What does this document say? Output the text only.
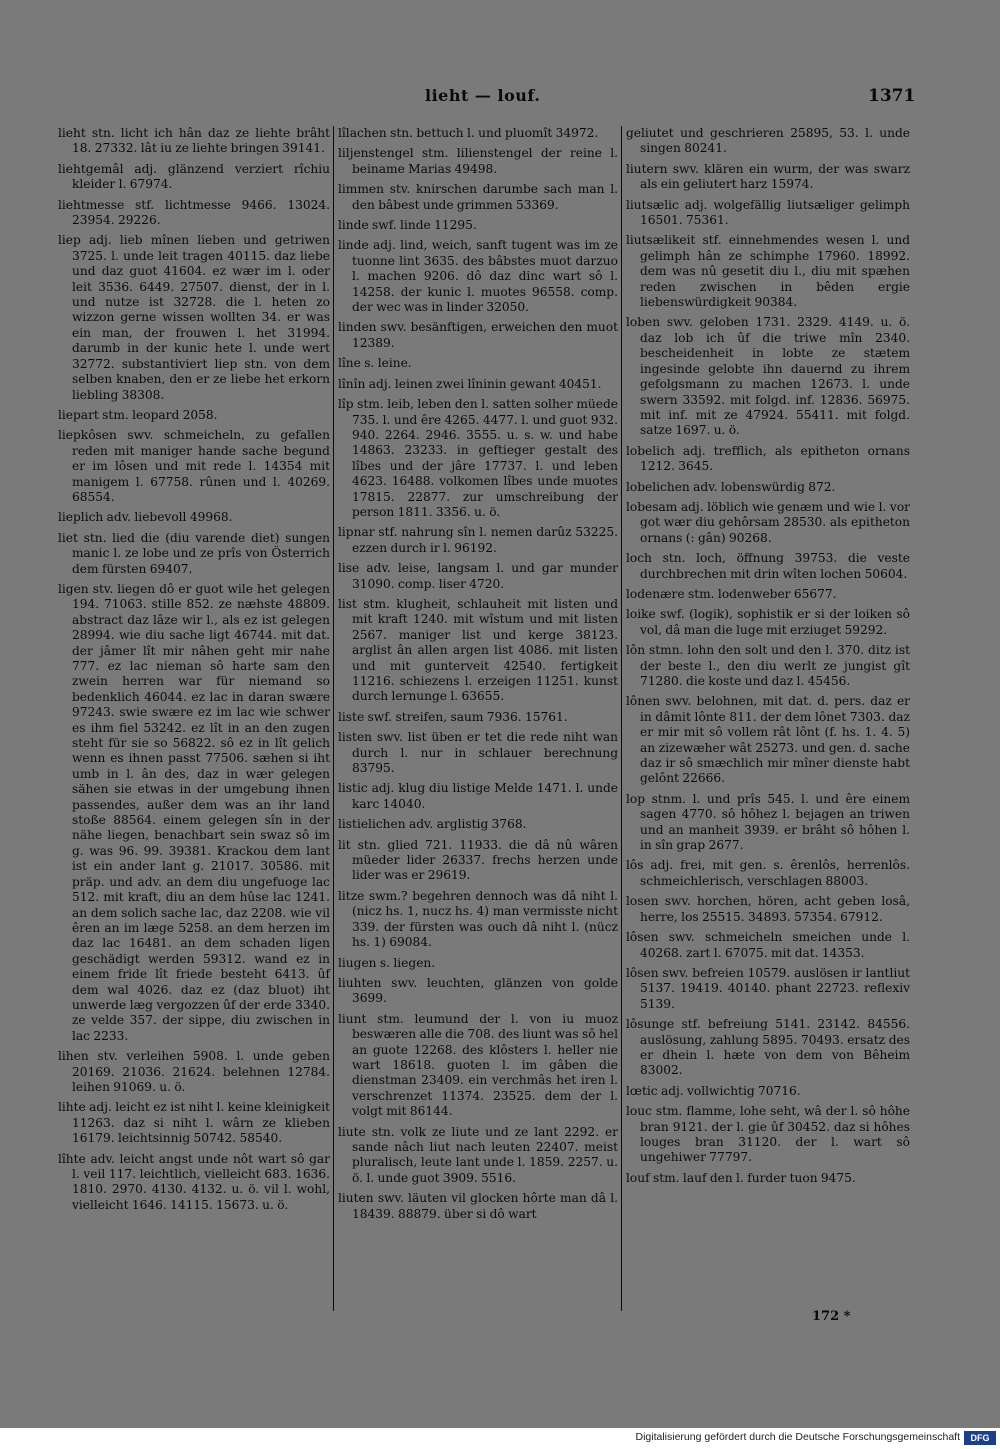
lieht — louf.	1371

lieht stn. licht ich hân daz ze liehte brâht 18. 27332. lât iu ze liehte bringen 39141.

liehtgemâl adj. glänzend verziert rîchiu kleider l. 67974.

liehtmesse stf. lichtmesse 9466. 13024. 23954. 29226.

liep adj. lieb mînen lieben und getriwen 3725. l. unde leit tragen 40115. daz liebe und daz guot 41604. ez wær im l. oder leit 3536. 6449. 27507. dienst, der in l. und nutze ist 32728. die l. heten zo wizzon gerne wissen wollten 34. er was ein man, der frouwen l. het 31994. darumb in der kunic hete l. unde wert 32772. substantiviert liep stn. von dem selben knaben, den er ze liebe het erkorn liebling 38308.

liepart stm. leopard 2058.

liepkôsen swv. schmeicheln, zu gefallen reden mit maniger hande sache begund er im lôsen und mit rede l. 14354 mit manigem l. 67758. rûnen und l. 40269. 68554.

lieplich adv. liebevoll 49968.

liet stn. lied die (diu varende diet) sungen manic l. ze lobe und ze prîs von Österrich dem fürsten 69407.

ligen stv. liegen dô er guot wile het gelegen 194. 71063. stille 852. ze næhste 48809. abstract daz lâze wir l., als ez ist gelegen 28994. wie diu sache ligt 46744. mit dat. der jâmer lît mir nâhen geht mir nahe 777. ez lac nieman sô harte sam den zwein herren war für niemand so bedenklich 46044. ez lac in daran swære 97243. swie swære ez im lac wie schwer es ihm fiel 53242. ez lît in an den zugen steht für sie so 56822. sô ez in lît gelich wenn es ihnen passt 77506. sæhen si iht umb in l. ân des, daz in wær gelegen sähen sie etwas in der umgebung ihnen passendes, außer dem was an ihr land stoße 88564. einem gelegen sîn in der nähe liegen, benachbart sein swaz sô im g. was 96. 99. 39381. Krackou dem lant ist ein ander lant g. 21017. 30586. mit präp. und adv. an dem diu ungefuoge lac 512. mit kraft, diu an dem hûse lac 1241. an dem solich sache lac, daz 2208. wie vil êren an im læge 5258. an dem herzen im daz lac 16481. an dem schaden ligen geschädigt werden 59312. wand ez in einem fride lît friede besteht 6413. ûf dem wal 4026. daz ez (daz bluot) iht unwerde læg vergozzen ûf der erde 3340. ze velde 357. der sippe, diu zwischen in lac 2233.

lihen stv. verleihen 5908. l. unde geben 20169. 21036. 21624. belehnen 12784. leihen 91069. u. ö.

lihte adj. leicht ez ist niht l. keine kleinigkeit 11263. daz si niht l. wârn ze klieben 16179. leichtsinnig 50742. 58540.

lîhte adv. leicht angst unde nôt wart sô gar l. veil 117. leichtlich, vielleicht 683. 1636. 1810. 2970. 4130. 4132. u. ö. vil l. wohl, vielleicht 1646. 14115. 15673. u. ö.

lîlachen stn. bettuch l. und pluomît 34972.

liljenstengel stm. lilienstengel der reine l. beiname Marias 49498.

limmen stv. knirschen darumbe sach man l. den bâbest unde grimmen 53369.

linde swf. linde 11295.

linde adj. lind, weich, sanft tugent was im ze tuonne lint 3635. des bâbstes muot darzuo l. machen 9206. dô daz dinc wart sô l. 14258. der kunic l. muotes 96558. comp. der wec was in linder 32050.

linden swv. besänftigen, erweichen den muot 12389.

lîne s. leine.

lînîn adj. leinen zwei lîninin gewant 40451.

lîp stm. leib, leben den l. satten solher müede 735. l. und êre 4265. 4477. l. und guot 932. 940. 2264. 2946. 3555. u. s. w. und habe 14863. 23233. in geftieger gestalt des lîbes und der jâre 17737. l. und leben 4623. 16488. volkomen lîbes unde muotes 17815. 22877. zur umschreibung der person 1811. 3356. u. ö.

lipnar stf. nahrung sîn l. nemen darûz 53225. ezzen durch ir l. 96192.

lise adv. leise, langsam l. und gar munder 31090. comp. liser 4720.

list stm. klugheit, schlauheit mit listen und mit kraft 1240. mit wîstum und mit listen 2567. maniger list und kerge 38123. arglist ân allen argen list 4086. mit listen und mit gunterveit 42540. fertigkeit 11216. schiezens l. erzeigen 11251. kunst durch lernunge l. 63655.

liste swf. streifen, saum 7936. 15761.

listen swv. list üben er tet die rede niht wan durch l. nur in schlauer berechnung 83795.

listic adj. klug diu listige Melde 1471. l. unde karc 14040.

listielichen adv. arglistig 3768.

lit stn. glied 721. 11933. die dâ nû wâren müeder lider 26337. frechs herzen unde lider was er 29619.

litze swm.? begehren dennoch was dâ niht l. (nicz hs. 1, nucz hs. 4) man vermisste nicht 339. der fürsten was ouch dâ niht l. (nücz hs. 1) 69084.

liugen s. liegen.

liuhten swv. leuchten, glänzen von golde 3699.

liunt stm. leumund der l. von iu muoz beswæren alle die 708. des liunt was sô hel an guote 12268. des klôsters l. heller nie wart 18618. guoten l. im gâben die dienstman 23409. ein verchmâs het iren l. verschrenzet 11374. 23525. dem der l. volgt mit 86144.

liute stn. volk ze liute und ze lant 2292. er sande nâch liut nach leuten 22407. meist pluralisch, leute lant unde l. 1859. 2257. u. ö. l. unde guot 3909. 5516.

liuten swv. läuten vil glocken hôrte man dâ l. 18439. 88879. über si dô wart

geliutet und geschrieren 25895, 53. l. unde singen 80241.

liutern swv. klären ein wurm, der was swarz als ein geliutert harz 15974.

liutsælic adj. wolgefällig liutsæliger gelimph 16501. 75361.

liutsælikeit stf. einnehmendes wesen l. und gelimph hân ze schimphe 17960. 18992. dem was nû gesetit diu l., diu mit spæhen reden zwischen in bêden ergie liebenswürdigkeit 90384.

loben swv. geloben 1731. 2329. 4149. u. ö. daz lob ich ûf die triwe mîn 2340. bescheidenheit in lobte ze stætem ingesinde gelobte ihn dauernd zu ihrem gefolgsmann zu machen 12673. l. unde swern 33592. mit folgd. inf. 12836. 56975. mit inf. mit ze 47924. 55411. mit folgd. satze 1697. u. ö.

lobelich adj. trefflich, als epitheton ornans 1212. 3645.

lobelichen adv. lobenswürdig 872.

lobesam adj. löblich wie genæm und wie l. vor got wær diu gehôrsam 28530. als epitheton ornans (: gân) 90268.

loch stn. loch, öffnung 39753. die veste durchbrechen mit drin wîten lochen 50604.

lodenære stm. lodenweber 65677.

loike swf. (logik), sophistik er si der loiken sô vol, dâ man die luge mit erziuget 59292.

lôn stmn. lohn den solt und den l. 370. ditz ist der beste l., den diu werlt ze jungist gît 71280. die koste und daz l. 45456.

lônen swv. belohnen, mit dat. d. pers. daz er in dâmit lônte 811. der dem lônet 7303. daz er mir mit sô vollem rât lônt (f. hs. 1. 4. 5) an zizewæher wât 25273. und gen. d. sache daz ir sô smæchlich mir mîner dienste habt gelônt 22666.

lop stnm. l. und prîs 545. l. und êre einem sagen 4770. sô hôhez l. bejagen an triwen und an manheit 3939. er brâht sô hôhen l. in sîn grap 2677.

lôs adj. frei, mit gen. s. êrenlôs, herrenlôs. schmeichlerisch, verschlagen 88003.

losen swv. horchen, hören, acht geben losâ, herre, los 25515. 34893. 57354. 67912.

lôsen swv. schmeicheln smeichen unde l. 40268. zart l. 67075. mit dat. 14353.

lôsen swv. befreien 10579. auslösen ir lantliut 5137. 19419. 40140. phant 22723. reflexiv 5139.

lôsunge stf. befreiung 5141. 23142. 84556. auslösung, zahlung 5895. 70493. ersatz des er dhein l. hæte von dem von Bêheim 83002.

lœtic adj. vollwichtig 70716.

louc stm. flamme, lohe seht, wâ der l. sô hôhe bran 9121. der l. gie ûf 30452. daz si hôhes louges bran 31120. der l. wart sô ungehiwer 77797.

louf stm. lauf den l. furder tuon 9475.

172 *
Digitalisierung gefördert durch die Deutsche Forschungsgemeinschaft	DFG
